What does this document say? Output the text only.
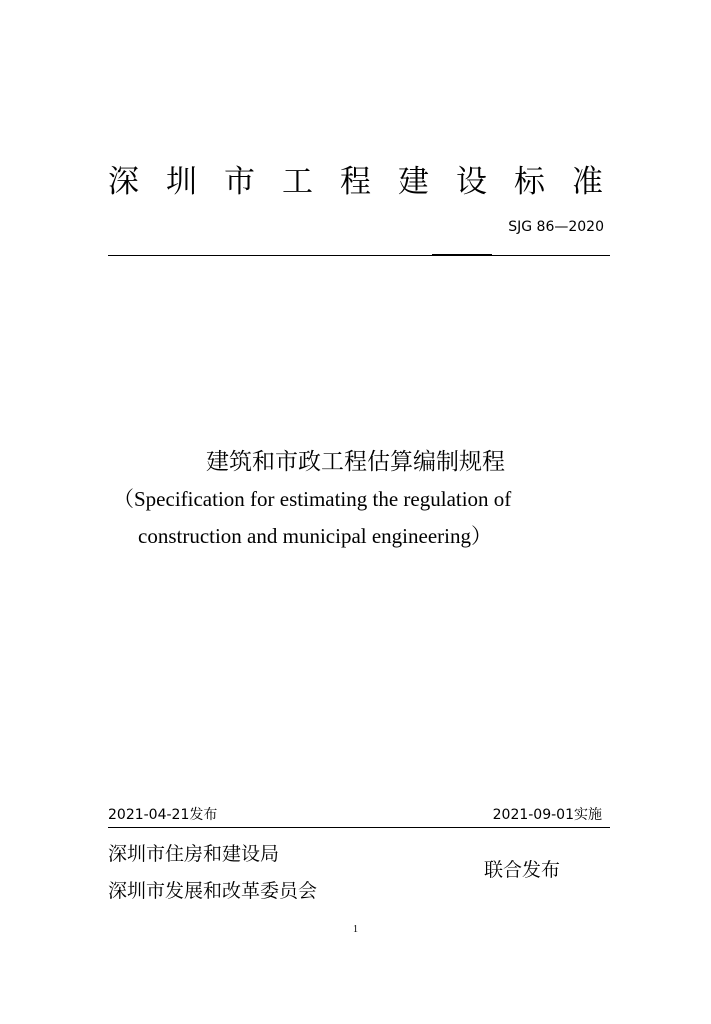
深圳市工程建设标准
SJG 86—2020
建筑和市政工程估算编制规程
（Specification for estimating the regulation of
construction and municipal engineering）
2021-04-21发布	2021-09-01实施
深圳市住房和建设局
深圳市发展和改革委员会
联合发布
1
